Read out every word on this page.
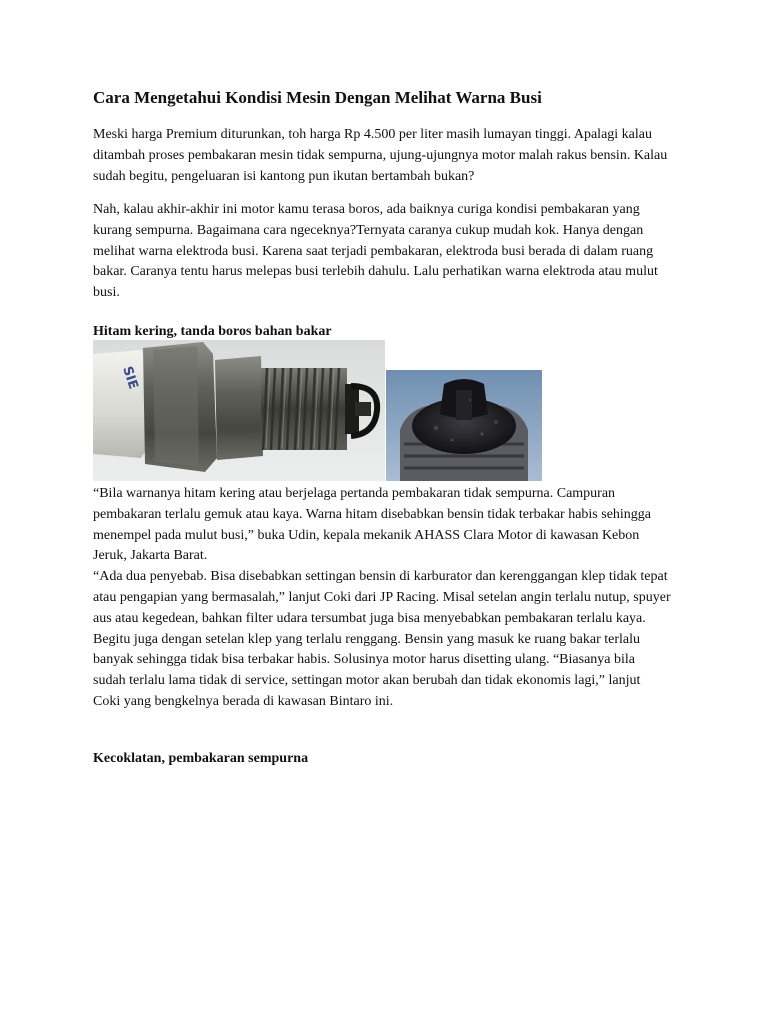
Cara Mengetahui Kondisi Mesin Dengan Melihat Warna Busi

Meski harga Premium diturunkan, toh harga Rp 4.500 per liter masih lumayan tinggi. Apalagi kalau ditambah proses pembakaran mesin tidak sempurna, ujung-ujungnya motor malah rakus bensin. Kalau sudah begitu, pengeluaran isi kantong pun ikutan bertambah bukan?

Nah, kalau akhir-akhir ini motor kamu terasa boros, ada baiknya curiga kondisi pembakaran yang kurang sempurna. Bagaimana cara ngeceknya?Ternyata caranya cukup mudah kok. Hanya dengan melihat warna elektroda busi. Karena saat terjadi pembakaran, elektroda busi berada di dalam ruang bakar. Caranya tentu harus melepas busi terlebih dahulu. Lalu perhatikan warna elektroda atau mulut busi.

Hitam kering, tanda boros bahan bakar
SIE

“Bila warnanya hitam kering atau berjelaga pertanda pembakaran tidak sempurna. Campuran pembakaran terlalu gemuk atau kaya. Warna hitam disebabkan bensin tidak terbakar habis sehingga menempel pada mulut busi,” buka Udin, kepala mekanik AHASS Clara Motor di kawasan Kebon Jeruk, Jakarta Barat.

“Ada dua penyebab. Bisa disebabkan settingan bensin di karburator dan kerenggangan klep tidak tepat atau pengapian yang bermasalah,” lanjut Coki dari JP Racing. Misal setelan angin terlalu nutup, spuyer aus atau kegedean, bahkan filter udara tersumbat juga bisa menyebabkan pembakaran terlalu kaya.

Begitu juga dengan setelan klep yang terlalu renggang. Bensin yang masuk ke ruang bakar terlalu banyak sehingga tidak bisa terbakar habis. Solusinya motor harus disetting ulang. “Biasanya bila sudah terlalu lama tidak di service, settingan motor akan berubah dan tidak ekonomis lagi,” lanjut Coki yang bengkelnya berada di kawasan Bintaro ini.

Kecoklatan, pembakaran sempurna
